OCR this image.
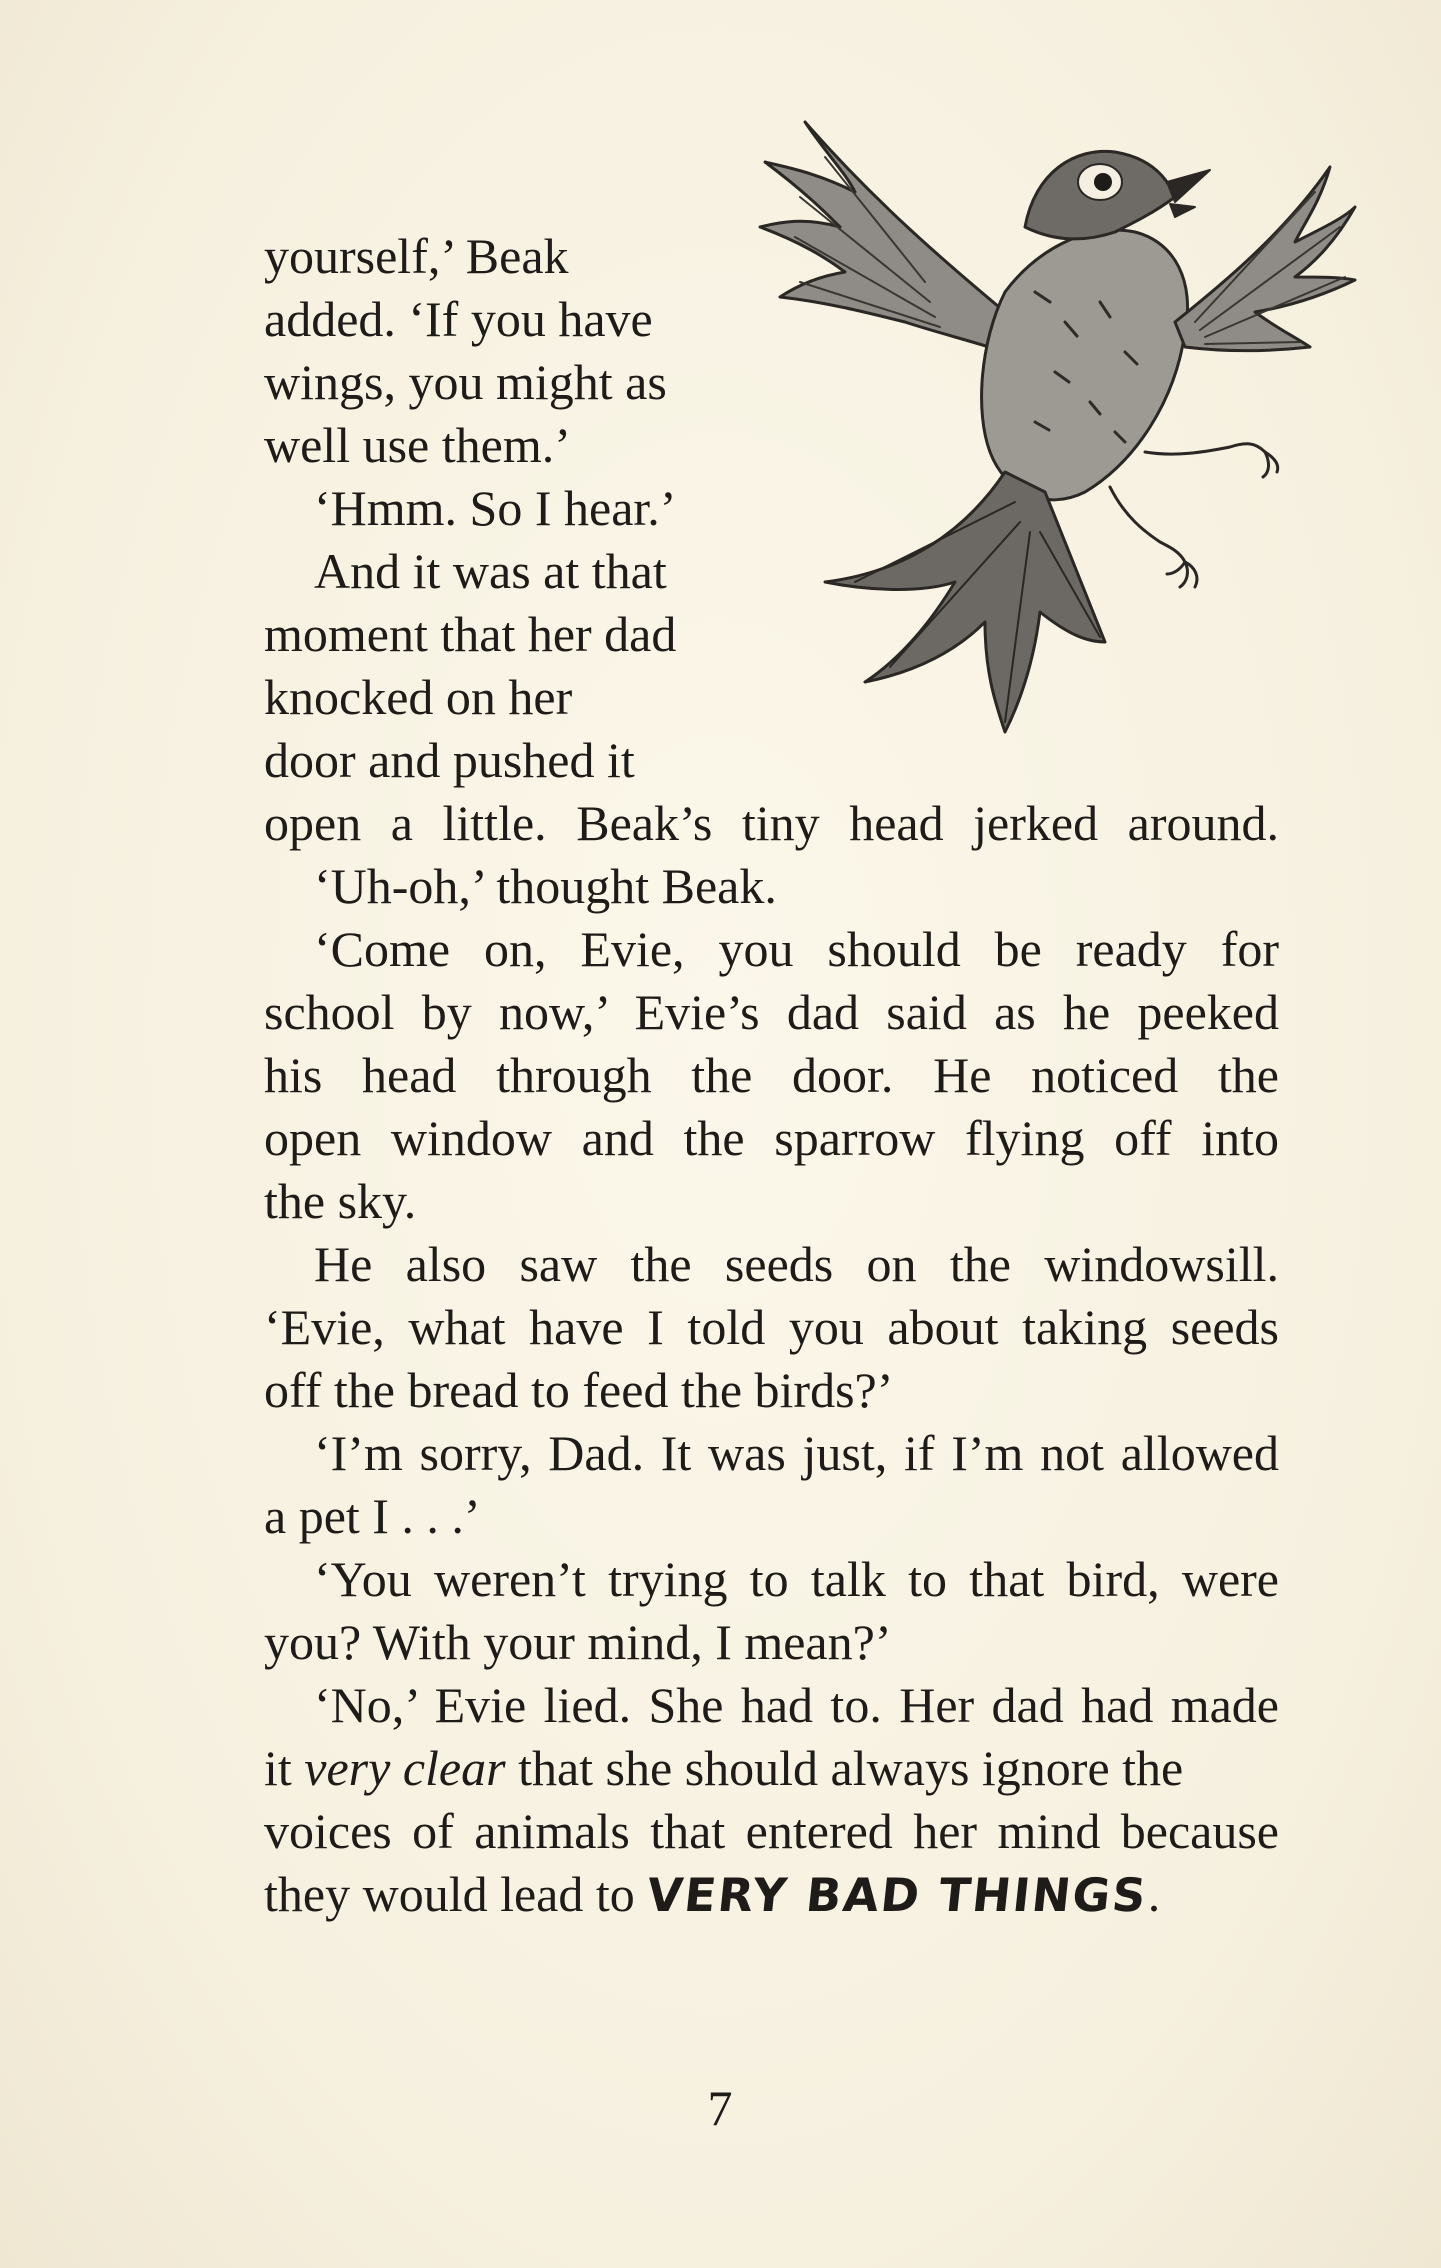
yourself,’ Beak
added. ‘If you have
wings, you might as
well use them.’
‘Hmm. So I hear.’
And it was at that
moment that her dad
knocked on her
door and pushed it
open a little. Beak’s tiny head jerked around.
‘Uh-oh,’ thought Beak.
‘Come on, Evie, you should be ready for
school by now,’ Evie’s dad said as he peeked
his head through the door. He noticed the
open window and the sparrow flying off into
the sky.
He also saw the seeds on the windowsill.
‘Evie, what have I told you about taking seeds
off the bread to feed the birds?’
‘I’m sorry, Dad. It was just, if I’m not allowed
a pet I . . .’
‘You weren’t trying to talk to that bird, were
you? With your mind, I mean?’
‘No,’ Evie lied. She had to. Her dad had made
it very clear that she should always ignore the
voices of animals that entered her mind because
they would lead to VERY BAD THINGS.
7
